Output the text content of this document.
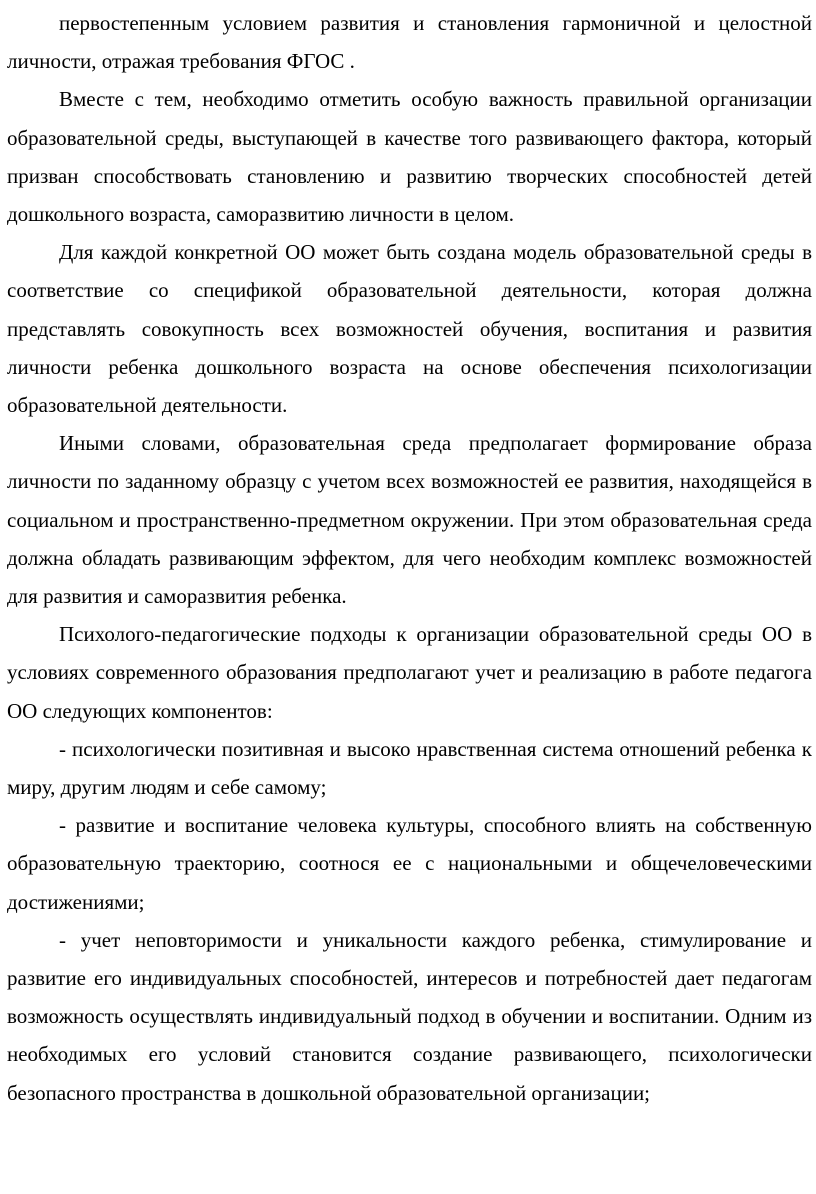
первостепенным условием развития и становления гармоничной и целостной личности, отражая требования ФГОС .

Вместе с тем, необходимо отметить особую важность правильной организации образовательной среды, выступающей в качестве того развивающего фактора, который призван способствовать становлению и развитию творческих способностей детей дошкольного возраста, саморазвитию личности в целом.

Для каждой конкретной ОО может быть создана модель образовательной среды в соответствие со спецификой образовательной деятельности, которая должна представлять совокупность всех возможностей обучения, воспитания и развития личности ребенка дошкольного возраста на основе обеспечения психологизации образовательной деятельности.

Иными словами, образовательная среда предполагает формирование образа личности по заданному образцу с учетом всех возможностей ее развития, находящейся в социальном и пространственно-предметном окружении. При этом образовательная среда должна обладать развивающим эффектом, для чего необходим комплекс возможностей для развития и саморазвития ребенка.

Психолого-педагогические подходы к организации образовательной среды ОО в условиях современного образования предполагают учет и реализацию в работе педагога ОО следующих компонентов:

- психологически позитивная и высоко нравственная система отношений ребенка к миру, другим людям и себе самому;

- развитие и воспитание человека культуры, способного влиять на собственную образовательную траекторию, соотнося ее с национальными и общечеловеческими достижениями;

- учет неповторимости и уникальности каждого ребенка, стимулирование и развитие его индивидуальных способностей, интересов и потребностей дает педагогам возможность осуществлять индивидуальный подход в обучении и воспитании. Одним из необходимых его условий становится создание развивающего, психологически безопасного пространства в дошкольной образовательной организации;
